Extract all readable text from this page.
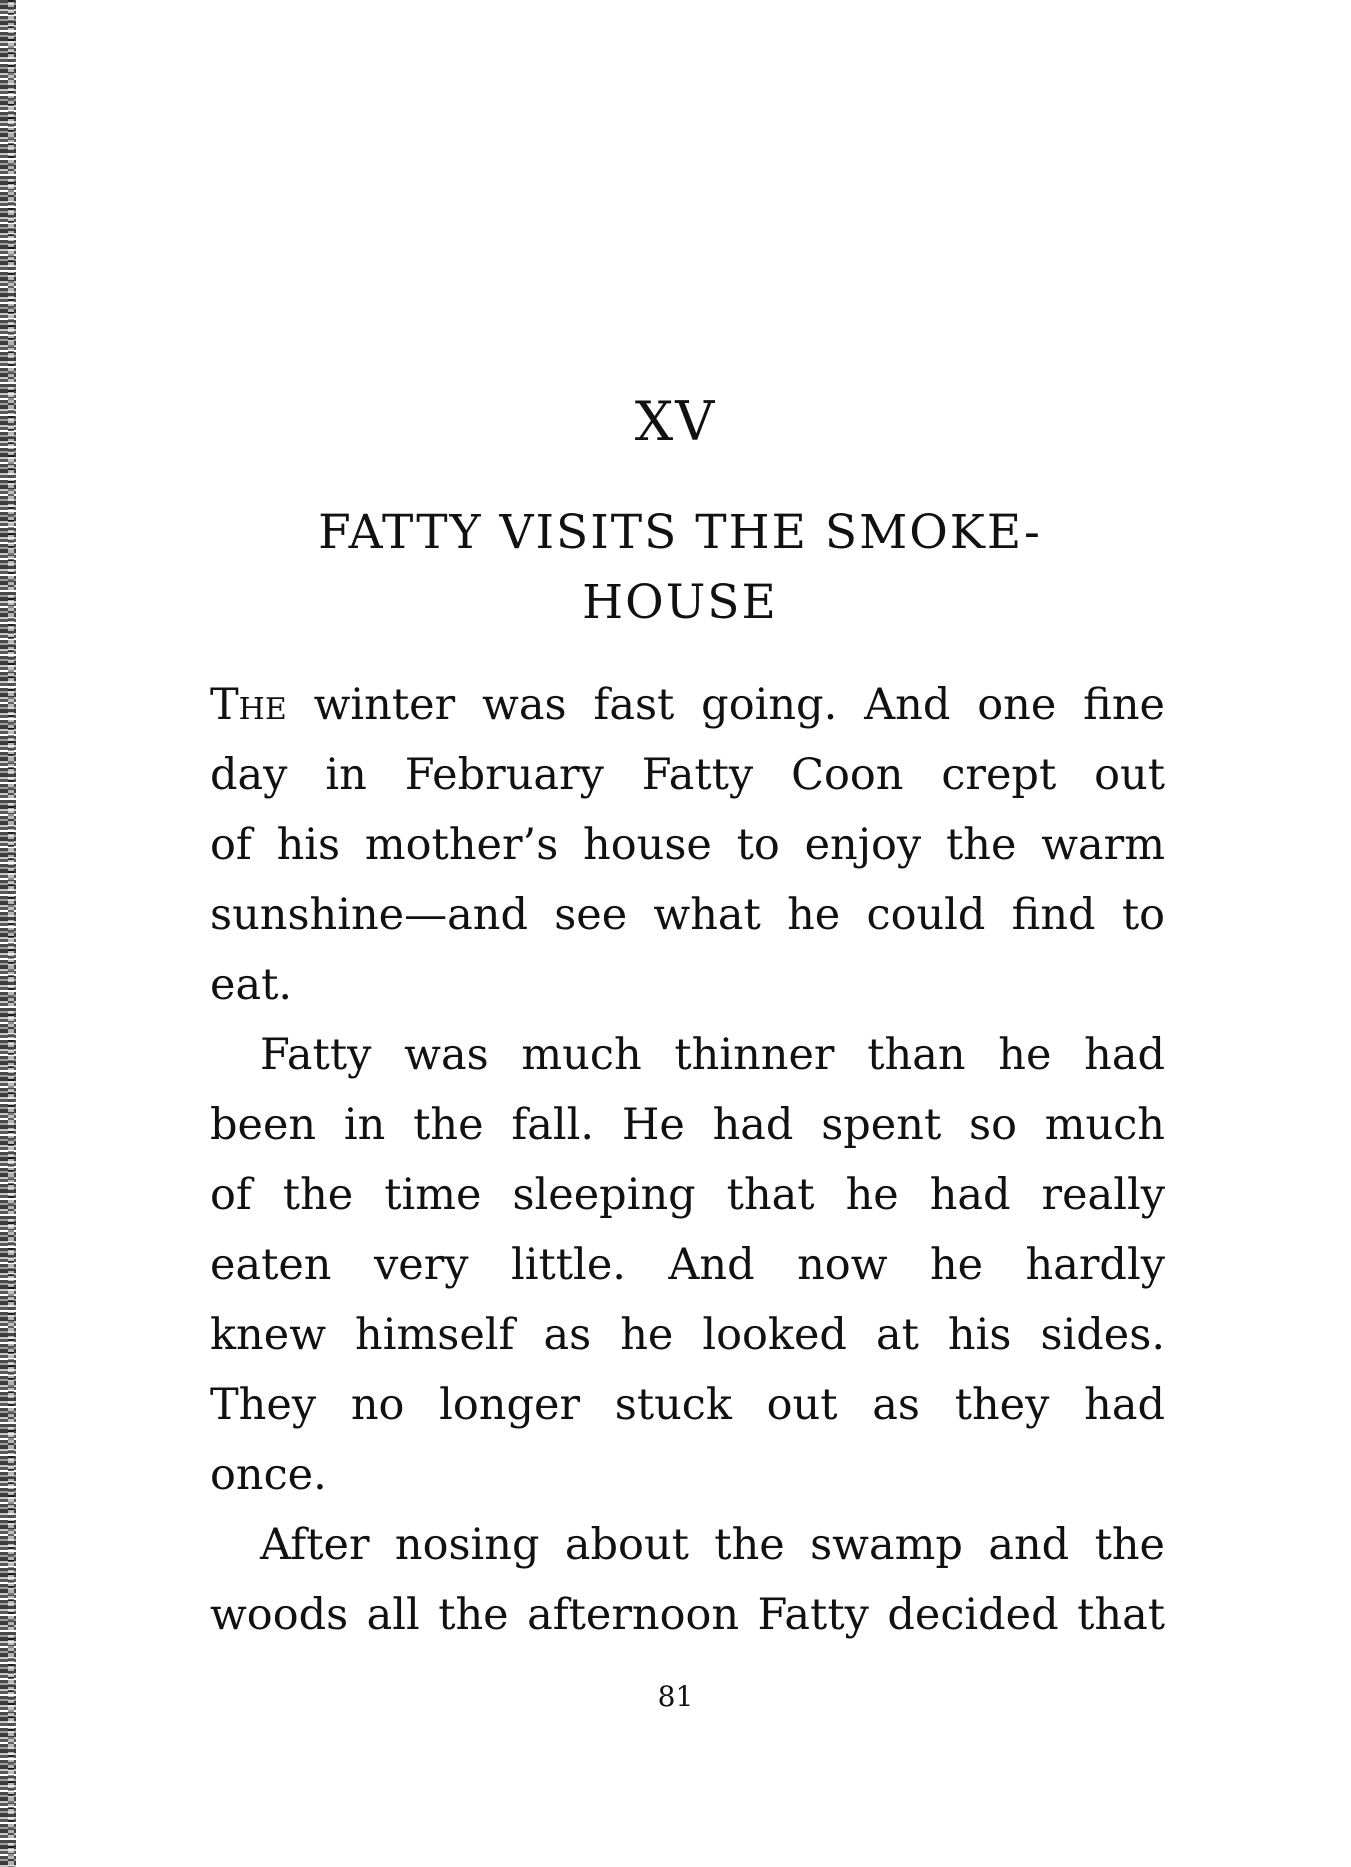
XV
FATTY VISITS THE SMOKE-
HOUSE

The winter was fast going. And one fine
day in February Fatty Coon crept out
of his mother’s house to enjoy the warm
sunshine—and see what he could find to
eat.

Fatty was much thinner than he had
been in the fall. He had spent so much
of the time sleeping that he had really
eaten very little. And now he hardly
knew himself as he looked at his sides.
They no longer stuck out as they had
once.

After nosing about the swamp and the
woods all the afternoon Fatty decided that

81
